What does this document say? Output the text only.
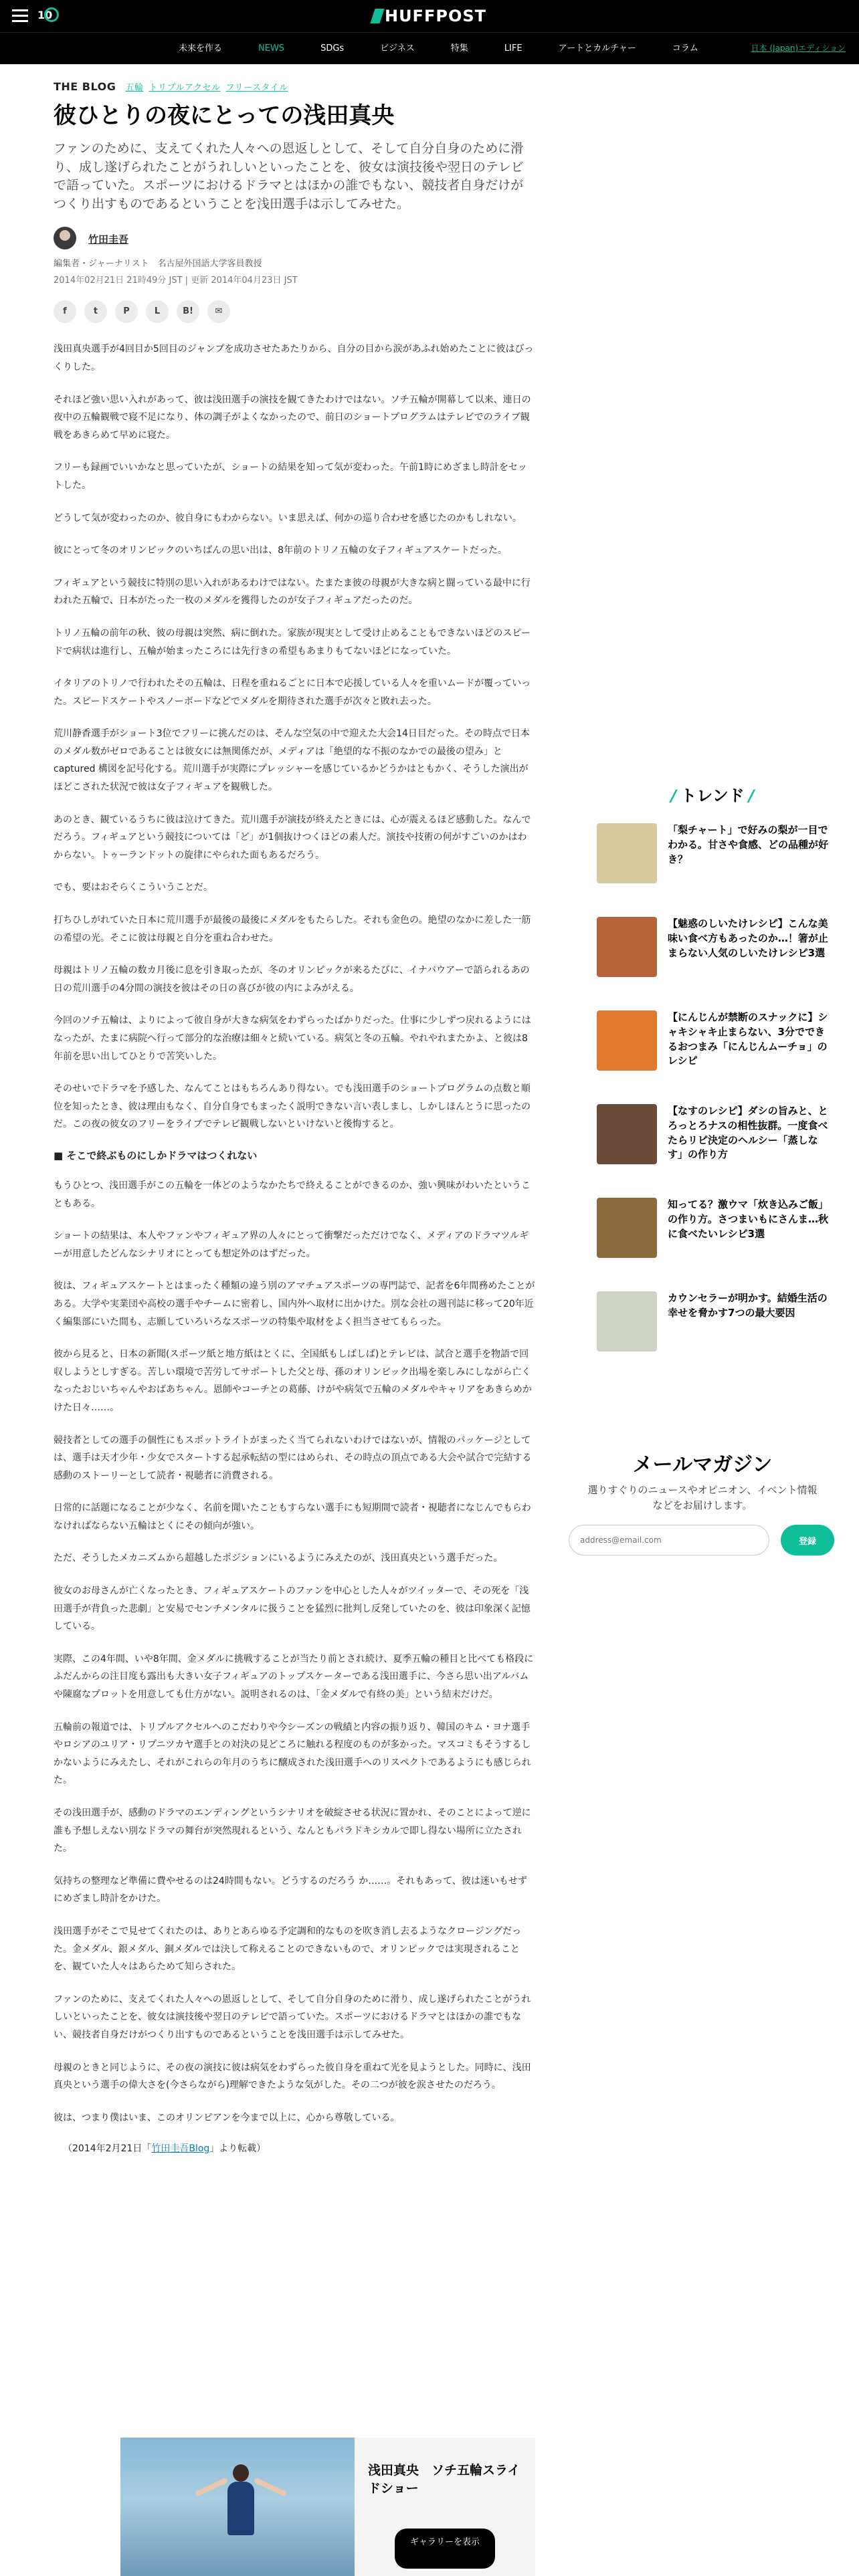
10	HUFFPOST
未来を作る	NEWS	SDGs	ビジネス	特集	LIFE	アートとカルチャー	コラム	日本 (Japan)エディション
THE BLOG 五輪 トリプルアクセル フリースタイル
彼ひとりの夜にとっての浅田真央
ファンのために、支えてくれた人々への恩返しとして、そして自分自身のために滑り、成し遂げられたことがうれしいといったことを、彼女は演技後や翌日のテレビで語っていた。スポーツにおけるドラマとはほかの誰でもない、競技者自身だけがつくり出すものであるということを浅田選手は示してみせた。
竹田圭吾
編集者・ジャーナリスト　名古屋外国語大学客員教授
2014年02月21日 21時49分 JST | 更新 2014年04月23日 JST
f	t	P	L	B!	✉

浅田真央選手が4回目か5回目のジャンプを成功させたあたりから、自分の目から涙があふれ始めたことに彼はびっくりした。

それほど強い思い入れがあって、彼は浅田選手の演技を観てきたわけではない。ソチ五輪が開幕して以来、連日の夜中の五輪観戦で寝不足になり、体の調子がよくなかったので、前日のショートプログラムはテレビでのライブ観戦をあきらめて早めに寝た。

フリーも録画でいいかなと思っていたが、ショートの結果を知って気が変わった。午前1時にめざまし時計をセットした。

どうして気が変わったのか、彼自身にもわからない。いま思えば、何かの巡り合わせを感じたのかもしれない。

彼にとって冬のオリンピックのいちばんの思い出は、8年前のトリノ五輪の女子フィギュアスケートだった。

フィギュアという競技に特別の思い入れがあるわけではない。たまたま彼の母親が大きな病と闘っている最中に行われた五輪で、日本がたった一枚のメダルを獲得したのが女子フィギュアだったのだ。

トリノ五輪の前年の秋、彼の母親は突然、病に倒れた。家族が現実として受け止めることもできないほどのスピードで病状は進行し、五輪が始まったころには先行きの希望もあまりもてないほどになっていた。

イタリアのトリノで行われたその五輪は、日程を重ねるごとに日本で応援している人々を重いムードが覆っていった。スピードスケートやスノーボードなどでメダルを期待された選手が次々と敗れ去った。

荒川静香選手がショート3位でフリーに挑んだのは、そんな空気の中で迎えた大会14日目だった。その時点で日本のメダル数がゼロであることは彼女には無関係だが、メディアは「絶望的な不振のなかでの最後の望み」と captured 構図を記号化する。荒川選手が実際にプレッシャーを感じているかどうかはともかく、そうした演出がほどこされた状況で彼は女子フィギュアを観戦した。

あのとき、観ているうちに彼は泣けてきた。荒川選手が演技が終えたときには、心が震えるほど感動した。なんでだろう。フィギュアという競技については「ど」が1個抜けつくほどの素人だ。演技や技術の何がすごいのかはわからない。トゥーランドットの旋律にやられた面もあるだろう。

でも、要はおそらくこういうことだ。

打ちひしがれていた日本に荒川選手が最後の最後にメダルをもたらした。それも金色の。絶望のなかに差した一筋の希望の光。そこに彼は母親と自分を重ね合わせた。

母親はトリノ五輪の数カ月後に息を引き取ったが、冬のオリンピックが来るたびに、イナバウアーで語られるあの日の荒川選手の4分間の演技を彼はその日の喜びが彼の内によみがえる。

今回のソチ五輪は、よりによって彼自身が大きな病気をわずらったばかりだった。仕事に少しずつ戻れるようにはなったが、たまに病院へ行って部分的な治療は細々と続いている。病気と冬の五輪。やれやれまたかよ、と彼は8年前を思い出してひとりで苦笑いした。

そのせいでドラマを予感した、なんてことはもちろんあり得ない。でも浅田選手のショートプログラムの点数と順位を知ったとき、彼は理由もなく、自分自身でもまったく説明できない言い表しまし、しかしほんとうに思ったのだ。この夜の彼女のフリーをライブでテレビ観戦しないといけないと後悔すると。

■ そこで終ぶものにしかドラマはつくれない

もうひとつ、浅田選手がこの五輪を一体どのようなかたちで終えることができるのか、強い興味がわいたということもある。

ショートの結果は、本人やファンやフィギュア界の人々にとって衝撃だっただけでなく、メディアのドラマツルギーが用意したどんなシナリオにとっても想定外のはずだった。

彼は、フィギュアスケートとはまったく種類の違う別のアマチュアスポーツの専門誌で、記者を6年間務めたことがある。大学や実業団や高校の選手やチームに密着し、国内外へ取材に出かけた。別な会社の週刊誌に移って20年近く編集部にいた間も、志願していろいろなスポーツの特集や取材をよく担当させてもらった。

彼から見ると、日本の新聞(スポーツ紙と地方紙はとくに、全国紙もしばしば)とテレビは、試合と選手を物語で回収しようとしすぎる。苦しい環境で苦労してサポートした父と母、孫のオリンピック出場を楽しみにしながら亡くなったおじいちゃんやおばあちゃん。恩師やコーチとの葛藤、けがや病気で五輪のメダルやキャリアをあきらめかけた日々……。

競技者としての選手の個性にもスポットライトがまったく当てられないわけではないが、情報のパッケージとしては、選手は天才少年・少女でスタートする起承転結の型にはめられ、その時点の頂点である大会や試合で完結する感動のストーリーとして読者・視聴者に消費される。

日常的に話題になることが少なく、名前を聞いたこともすらない選手にも短期間で読者・視聴者になじんでもらわなければならない五輪はとくにその傾向が強い。

ただ、そうしたメカニズムから超越したポジションにいるようにみえたのが、浅田真央という選手だった。

彼女のお母さんが亡くなったとき、フィギュアスケートのファンを中心とした人々がツイッターで、その死を「浅田選手が背負った悲劇」と安易でセンチメンタルに扱うことを猛烈に批判し反発していたのを、彼は印象深く記憶している。

実際、この4年間、いや8年間、金メダルに挑戦することが当たり前とされ続け、夏季五輪の種目と比べても格段にふだんからの注目度も露出も大きい女子フィギュアのトップスケーターである浅田選手に、今さら思い出アルバムや陳腐なプロットを用意しても仕方がない。説明されるのは、「金メダルで有終の美」という結末だけだ。

五輪前の報道では、トリプルアクセルへのこだわりや今シーズンの戦績と内容の振り返り、韓国のキム・ヨナ選手やロシアのユリア・リプニツカヤ選手との対決の見どころに触れる程度のものが多かった。マスコミもそうするしかないようにみえたし、それがこれらの年月のうちに醸成された浅田選手へのリスペクトであるようにも感じられた。

その浅田選手が、感動のドラマのエンディングというシナリオを破綻させる状況に置かれ、そのことによって逆に誰も予想しえない別なドラマの舞台が突然現れるという、なんともパラドキシカルで即し得ない場所に立たされた。

気持ちの整理など準備に費やせるのは24時間もない。どうするのだろう か……。それもあって、彼は迷いもせずにめざまし時計をかけた。

浅田選手がそこで見せてくれたのは、ありとあらゆる予定調和的なものを吹き消し去るようなクロージングだった。金メダル、銀メダル、銅メダルでは決して称えることのできないもので、オリンピックでは実現されることを、観ていた人々はあらためて知らされた。

ファンのために、支えてくれた人々への恩返しとして、そして自分自身のために滑り、成し遂げられたことがうれしいといったことを、彼女は演技後や翌日のテレビで語っていた。スポーツにおけるドラマとはほかの誰でもない、競技者自身だけがつくり出すものであるということを浅田選手は示してみせた。

母親のときと同じように、その夜の演技に彼は病気をわずらった彼自身を重ねて光を見ようとした。同時に、浅田真央という選手の偉大さを(今さらながら)理解できたような気がした。その二つが彼を涙させたのだろう。

彼は、つまり僕はいま、このオリンピアンを今まで以上に、心から尊敬している。

（2014年2月21日「竹田圭吾Blog」より転載）
浅田真央　ソチ五輪スライドショー
ギャラリーを表示
/ トレンド /
「梨チャート」で好みの梨が一目でわかる。甘さや食感、どの品種が好き？
【魅惑のしいたけレシピ】こんな美味い食べ方もあったのか…！箸が止まらない人気のしいたけレシピ3選
【にんじんが禁断のスナックに】シャキシャキ止まらない、3分でできるおつまみ「にんじんムーチョ」のレシピ
【なすのレシピ】ダシの旨みと、とろっとろナスの相性抜群。一度食べたらリピ決定のヘルシー「蒸しなす」の作り方
知ってる？激ウマ「炊き込みご飯」の作り方。さつまいもにさんま…秋に食べたいレシピ3選
カウンセラーが明かす。結婚生活の幸せを脅かす7つの最大要因
メールマガジン
選りすぐりのニュースやオピニオン、イベント情報などをお届けします。
address@email.com
登録
